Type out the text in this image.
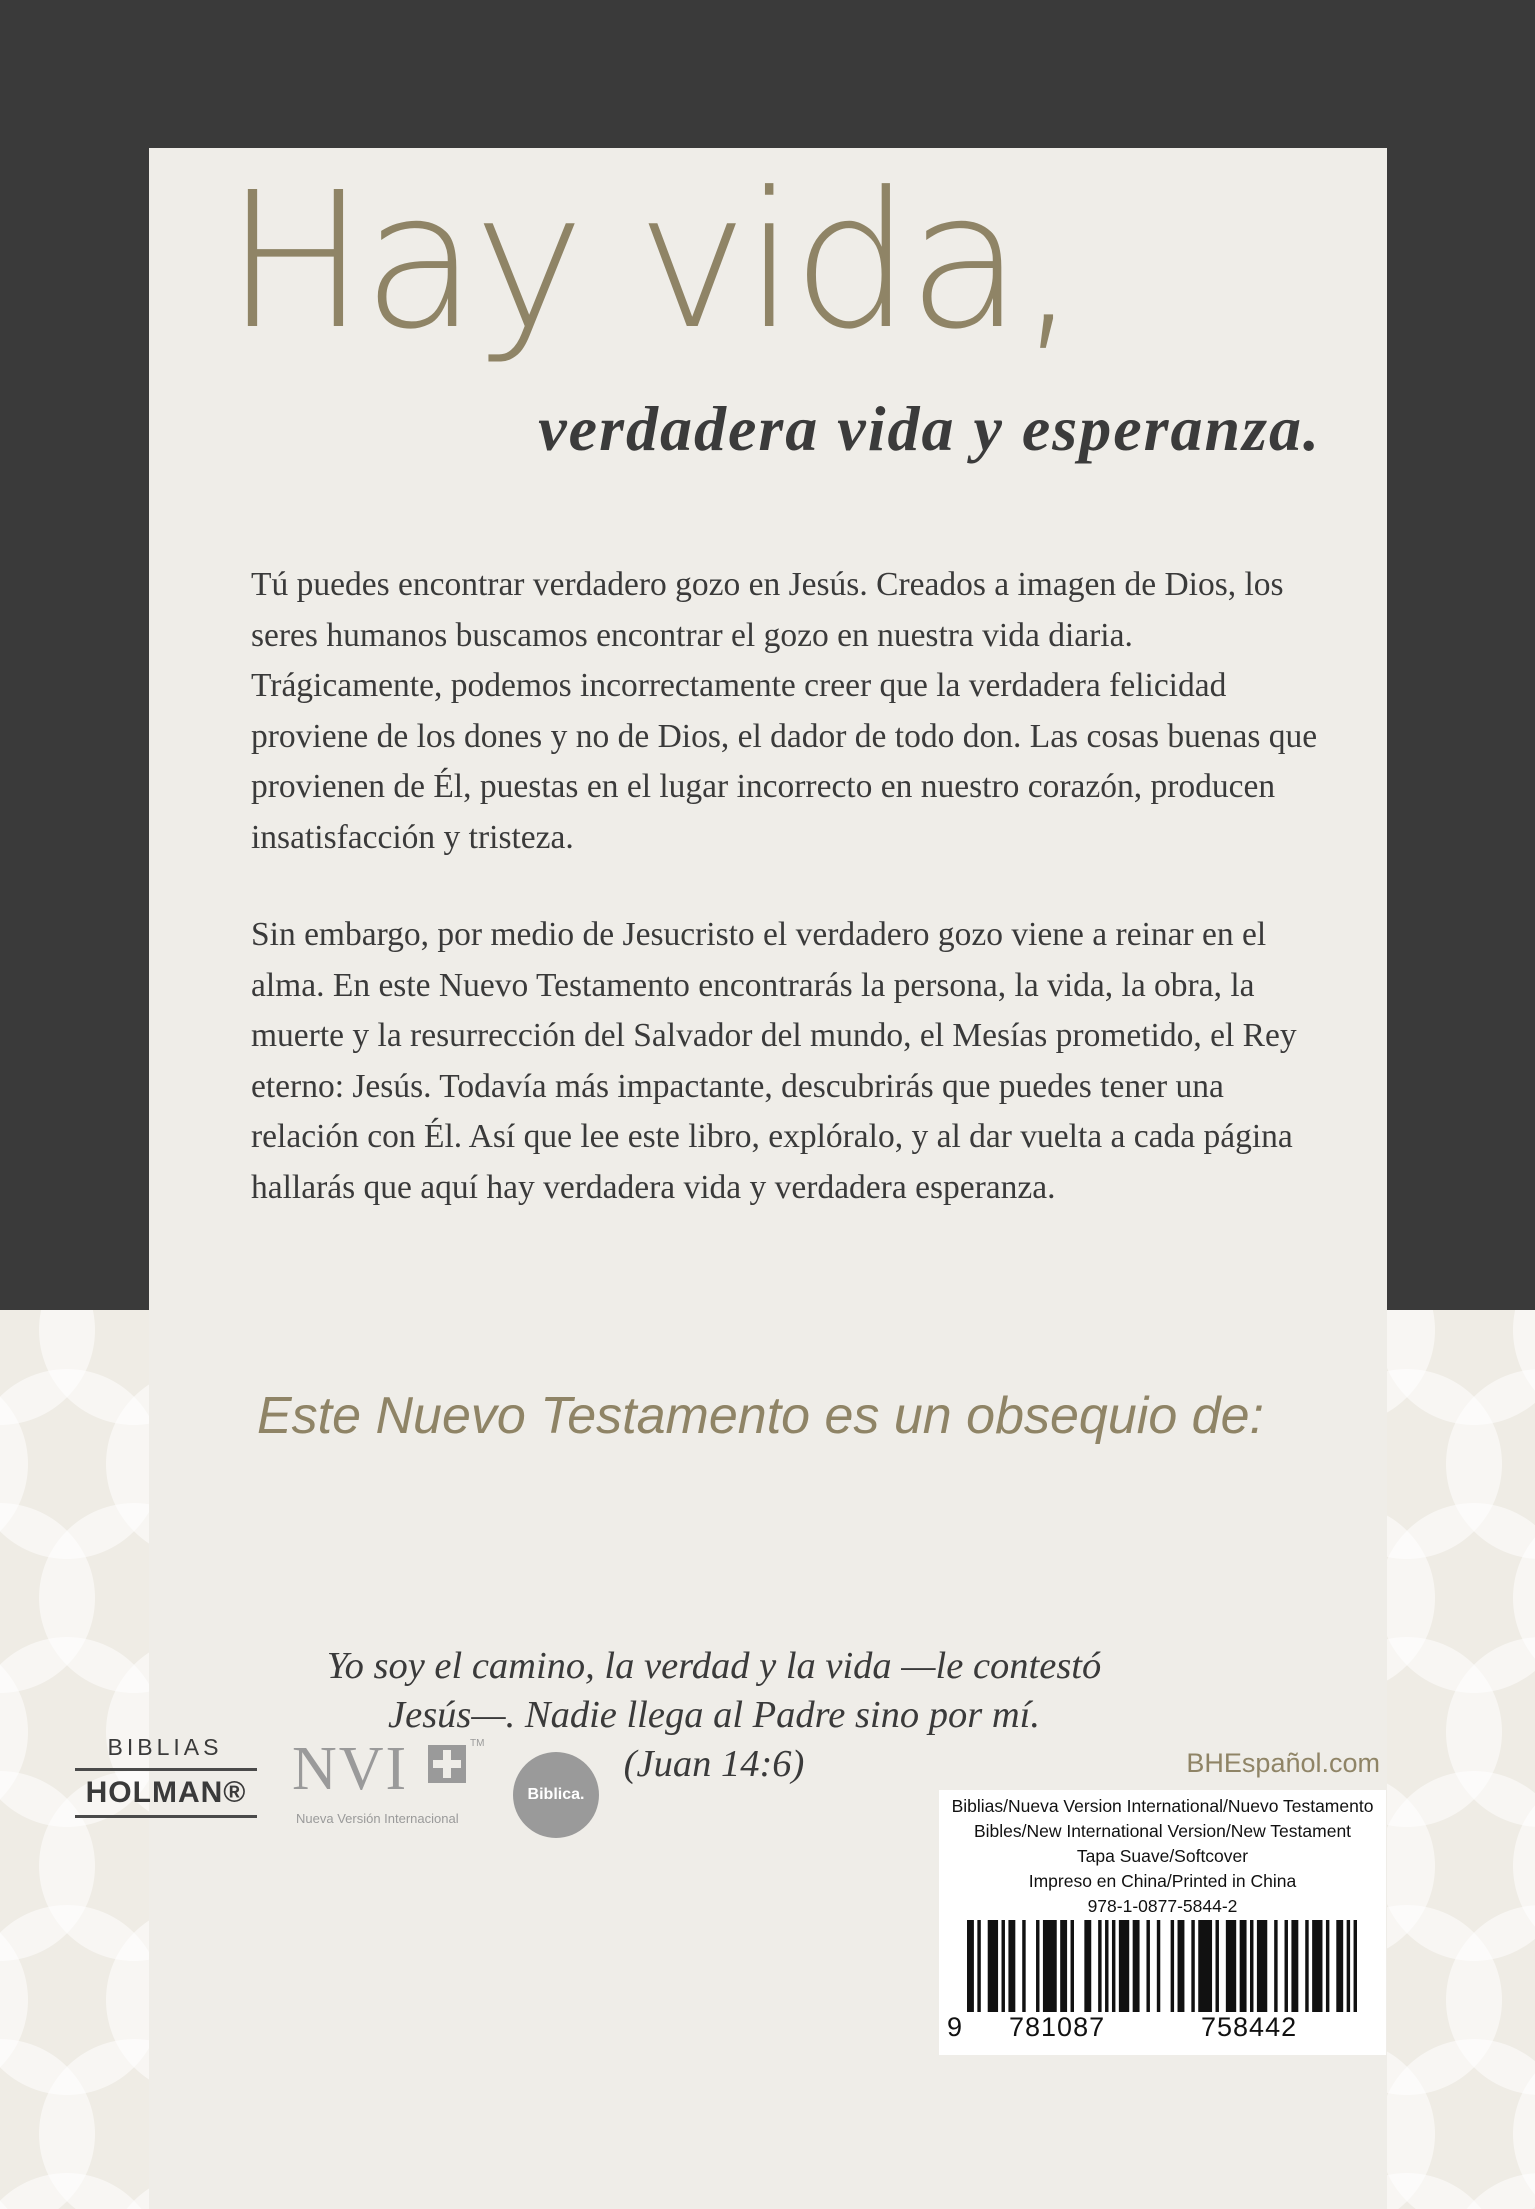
Hay vida,
verdadera vida y esperanza.

Tú puedes encontrar verdadero gozo en Jesús. Creados a imagen de Dios, los seres humanos buscamos encontrar el gozo en nuestra vida diaria. Trágicamente, podemos incorrectamente creer que la verdadera felicidad proviene de los dones y no de Dios, el dador de todo don. Las cosas buenas que provienen de Él, puestas en el lugar incorrecto en nuestro corazón, producen insatisfacción y tristeza.

Sin embargo, por medio de Jesucristo el verdadero gozo viene a reinar en el alma. En este Nuevo Testamento encontrarás la persona, la vida, la obra, la muerte y la resurrección del Salvador del mundo, el Mesías prometido, el Rey eterno: Jesús. Todavía más impactante, descubrirás que puedes tener una relación con Él. Así que lee este libro, explóralo, y al dar vuelta a cada página hallarás que aquí hay verdadera vida y verdadera esperanza.

Este Nuevo Testamento es un obsequio de:

Yo soy el camino, la verdad y la vida —le contestó
Jesús—. Nadie llega al Padre sino por mí.
(Juan 14:6)

BIBLIAS
HOLMAN® NVI	TM
Nueva Versión Internacional
Biblica.
BHEspañol.com
Biblias/Nueva Version International/Nuevo Testamento
Bibles/New International Version/New Testament
Tapa Suave/Softcover
Impreso en China/Printed in China
978-1-0877-5844-2
9 781087	758442
